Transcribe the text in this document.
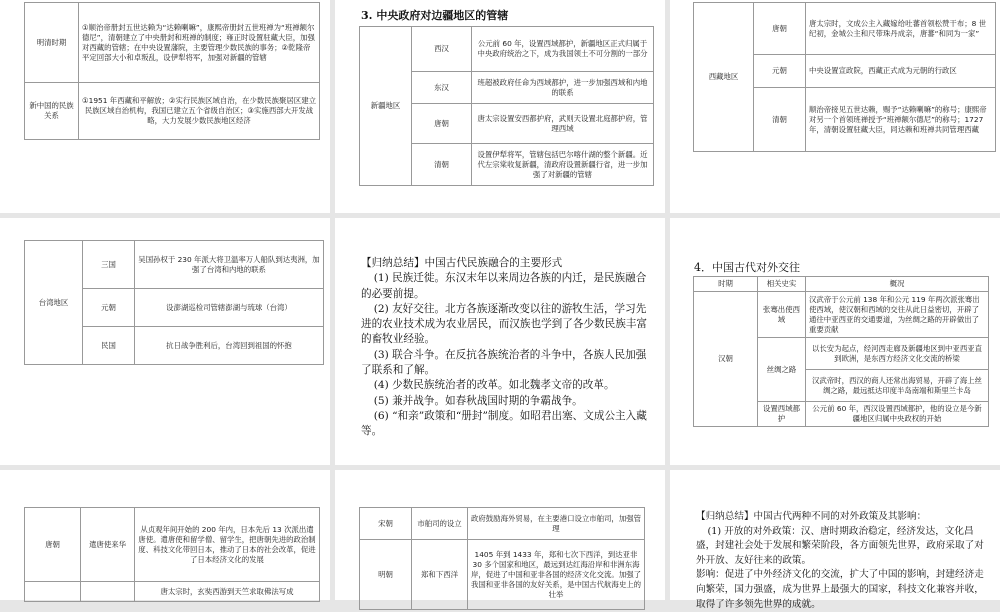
明清时期	①顺治帝册封五世达赖为“达赖喇嘛”，康熙帝册封五世班禅为“班禅额尔德尼”，清朝建立了中央册封和班禅的制度；雍正时设置驻藏大臣，加强对西藏的管辖；在中央设置藩院，主要管理少数民族的事务；②乾隆帝平定回部大小和卓叛乱，设伊犁将军，加强对新疆的管辖
新中国的民族关系	①1951 年西藏和平解放；②实行民族区域自治，在少数民族聚居区建立民族区域自治机构，我国已建立五个省级自治区；③实施西部大开发战略，大力发展少数民族地区经济
3. 中央政府对边疆地区的管辖
新疆地区	西汉	公元前 60 年，设置西域都护，新疆地区正式归属于中央政府统治之下，成为我国领土不可分割的一部分
	东汉	班超被政府任命为西域都护，进一步加强西域和内地的联系
	唐朝	唐太宗设置安西都护府，武则天设置北庭都护府，管理西域
	清朝	设置伊犁将军，管辖包括巴尔喀什湖的整个新疆。近代左宗棠收复新疆，清政府设置新疆行省，进一步加强了对新疆的管辖
西藏地区	唐朝	唐太宗时，文成公主入藏嫁给吐蕃首领松赞干布；8 世纪初，金城公主和尺带珠丹成亲，唐蕃“和同为一家”
	元朝	中央设置宣政院，西藏正式成为元朝的行政区
	清朝	顺治帝接见五世达赖，赐予“达赖喇嘛”的称号；康熙帝对另一个首领班禅授予“班禅额尔德尼”的称号；1727 年，清朝设置驻藏大臣，同达赖和班禅共同管理西藏
台湾地区	三国	吴国孙权于 230 年派大将卫温率万人船队到达夷洲，加强了台湾和内地的联系
	元朝	设澎湖巡检司管辖澎湖与琉球（台湾）
	民国	抗日战争胜利后，台湾回到祖国的怀抱

【归纳总结】中国古代民族融合的主要形式

(1) 民族迁徙。东汉末年以来周边各族的内迁，是民族融合的必要前提。

(2) 友好交往。北方各族逐渐改变以往的游牧生活，学习先进的农业技术成为农业居民，而汉族也学到了各少数民族丰富的畜牧业经验。

(3) 联合斗争。在反抗各族统治者的斗争中，各族人民加强了联系和了解。

(4) 少数民族统治者的改革。如北魏孝文帝的改革。

(5) 兼并战争。如春秋战国时期的争霸战争。

(6) “和亲”政策和“册封”制度。如昭君出塞、文成公主入藏等。

4．中国古代对外交往
时期	相关史实	概况
汉朝	张骞出使西域	汉武帝于公元前 138 年和公元 119 年两次派张骞出使西域，使汉朝和西域的交往从此日益密切，开辟了通往中亚西亚的交通要道，为丝绸之路的开辟做出了重要贡献
	丝绸之路	以长安为起点，经河西走廊及新疆地区到中亚西亚直到欧洲，是东西方经济文化交流的桥梁
		汉武帝时，西汉的商人还常出海贸易，开辟了海上丝绸之路，最远抵达印度半岛南端和斯里兰卡岛
	设置西域都护	公元前 60 年，西汉设置西域都护，他的设立是今新疆地区归属中央政权的开始
唐朝	遣唐使来华	从贞观年间开始的 200 年内，日本先后 13 次派出遣唐使。遣唐使和留学僧、留学生，把唐朝先进的政治制度、科技文化带回日本，推动了日本的社会改革，促进了日本经济文化的发展
		唐太宗时，玄奘西游到天竺求取佛法写成
宋朝	市舶司的设立	政府鼓励海外贸易，在主要港口设立市舶司，加强管理
明朝	郑和下西洋	1405 年到 1433 年，郑和七次下西洋，到达亚非 30 多个国家和地区，最远到达红海沿岸和非洲东海岸，促进了中国和亚非各国的经济文化交流。加强了我国和亚非各国的友好关系，是中国古代航海史上的壮举

【归纳总结】中国古代两种不同的对外政策及其影响：

(1) 开放的对外政策：汉、唐时期政治稳定，经济发达，文化昌盛，封建社会处于发展和繁荣阶段，各方面领先世界，政府采取了对外开放、友好往来的政策。

影响：促进了中外经济文化的交流，扩大了中国的影响，封建经济走向繁荣，国力强盛，成为世界上最强大的国家，科技文化兼容并收，取得了许多领先世界的成就。
